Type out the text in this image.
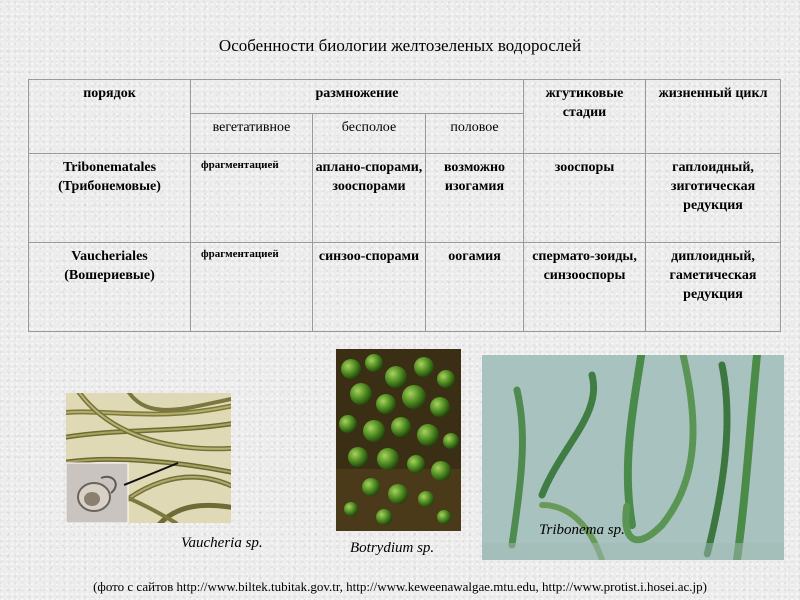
Особенности биологии желтозеленых водорослей
порядок	размножение			жгутиковые стадии	жизненный цикл
	вегетативное	бесполое	половое		

Tribonematales
(Трибонемовые)	фрагментацией	аплано-спорами, зооспорами	возможно изогамия	зооспоры	гаплоидный, зиготическая редукция

Vaucheriales
(Вошериевые)	фрагментацией	синзоо-спорами	оогамия	спермато-зоиды, синзооспоры	диплоидный, гаметическая редукция
Vaucheria sp.	Botrydium sp.
Tribonema sp.
(фото с сайтов http://www.biltek.tubitak.gov.tr, http://www.keweenawalgae.mtu.edu, http://www.protist.i.hosei.ac.jp)
